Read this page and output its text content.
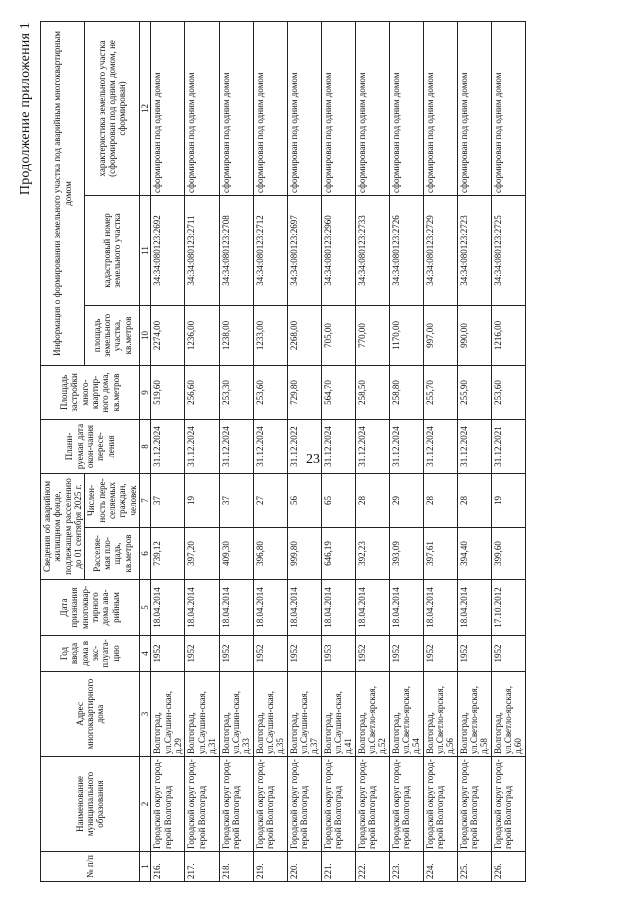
23
Продолжение приложения 1
№ п/п	Наименование муниципального образования	Адрес многоквартирного дома	Год ввода дома в экс-плуата-цию	Дата признания многоквар-тирного дома ава-рийным	Сведения об аварийном жилищном фонде, подлежащем расселению до 01 сентября 2025 г.		Плани-руемая дата окон-чания пересе-ления	Площадь застройки много-квартир-ного дома, кв.метров	Информация о формировании земельного участка под аварийным многоквартирным домом		
					Расселяе-мая пло-щадь, кв.метров	Числен-ность пере-селяемых граждан, человек			площадь земельного участка, кв.метров	кадастровый номер земельного участка	характеристика земельного участка (сформирован под одним домом, не сформирован)
1	2	3	4	5	6	7	8	9	10	11	12
216.	Городской округ город-герой Волгоград	Волгоград, ул.Саушин-ская, д.29	1952	18.04.2014	739,12	37	31.12.2024	519,60	2274,00	34:34:080123:2692	сформирован под одним домом
217.	Городской округ город-герой Волгоград	Волгоград, ул.Саушин-ская, д.31	1952	18.04.2014	397,20	19	31.12.2024	256,60	1236,00	34:34:080123:2711	сформирован под одним домом
218.	Городской округ город-герой Волгоград	Волгоград, ул.Саушин-ская, д.33	1952	18.04.2014	409,30	37	31.12.2024	253,30	1238,00	34:34:080123:2708	сформирован под одним домом
219.	Городской округ город-герой Волгоград	Волгоград, ул.Саушин-ская, д.35	1952	18.04.2014	396,80	27	31.12.2024	253,60	1233,00	34:34:080123:2712	сформирован под одним домом
220.	Городской округ город-герой Волгоград	Волгоград, ул.Саушин-ская, д.37	1952	18.04.2014	999,80	56	31.12.2022	729,80	2268,00	34:34:080123:2697	сформирован под одним домом
221.	Городской округ город-герой Волгоград	Волгоград, ул.Саушин-ская, д.41	1953	18.04.2014	646,19	65	31.12.2024	564,70	705,00	34:34:080123:2960	сформирован под одним домом
222.	Городской округ город-герой Волгоград	Волгоград, ул.Светло-ярская, д.52	1952	18.04.2014	392,23	28	31.12.2024	258,50	770,00	34:34:080123:2733	сформирован под одним домом
223.	Городской округ город-герой Волгоград	Волгоград, ул.Светло-ярская, д.54	1952	18.04.2014	393,09	29	31.12.2024	258,80	1170,00	34:34:080123:2726	сформирован под одним домом
224.	Городской округ город-герой Волгоград	Волгоград, ул.Светло-ярская, д.56	1952	18.04.2014	397,61	28	31.12.2024	255,70	997,00	34:34:080123:2729	сформирован под одним домом
225.	Городской округ город-герой Волгоград	Волгоград, ул.Светло-ярская, д.58	1952	18.04.2014	394,40	28	31.12.2024	255,90	990,00	34:34:080123:2723	сформирован под одним домом
226.	Городской округ город-герой Волгоград	Волгоград, ул.Светло-ярская, д.60	1952	17.10.2012	399,60	19	31.12.2021	253,60	1216,00	34:34:080123:2725	сформирован под одним домом
